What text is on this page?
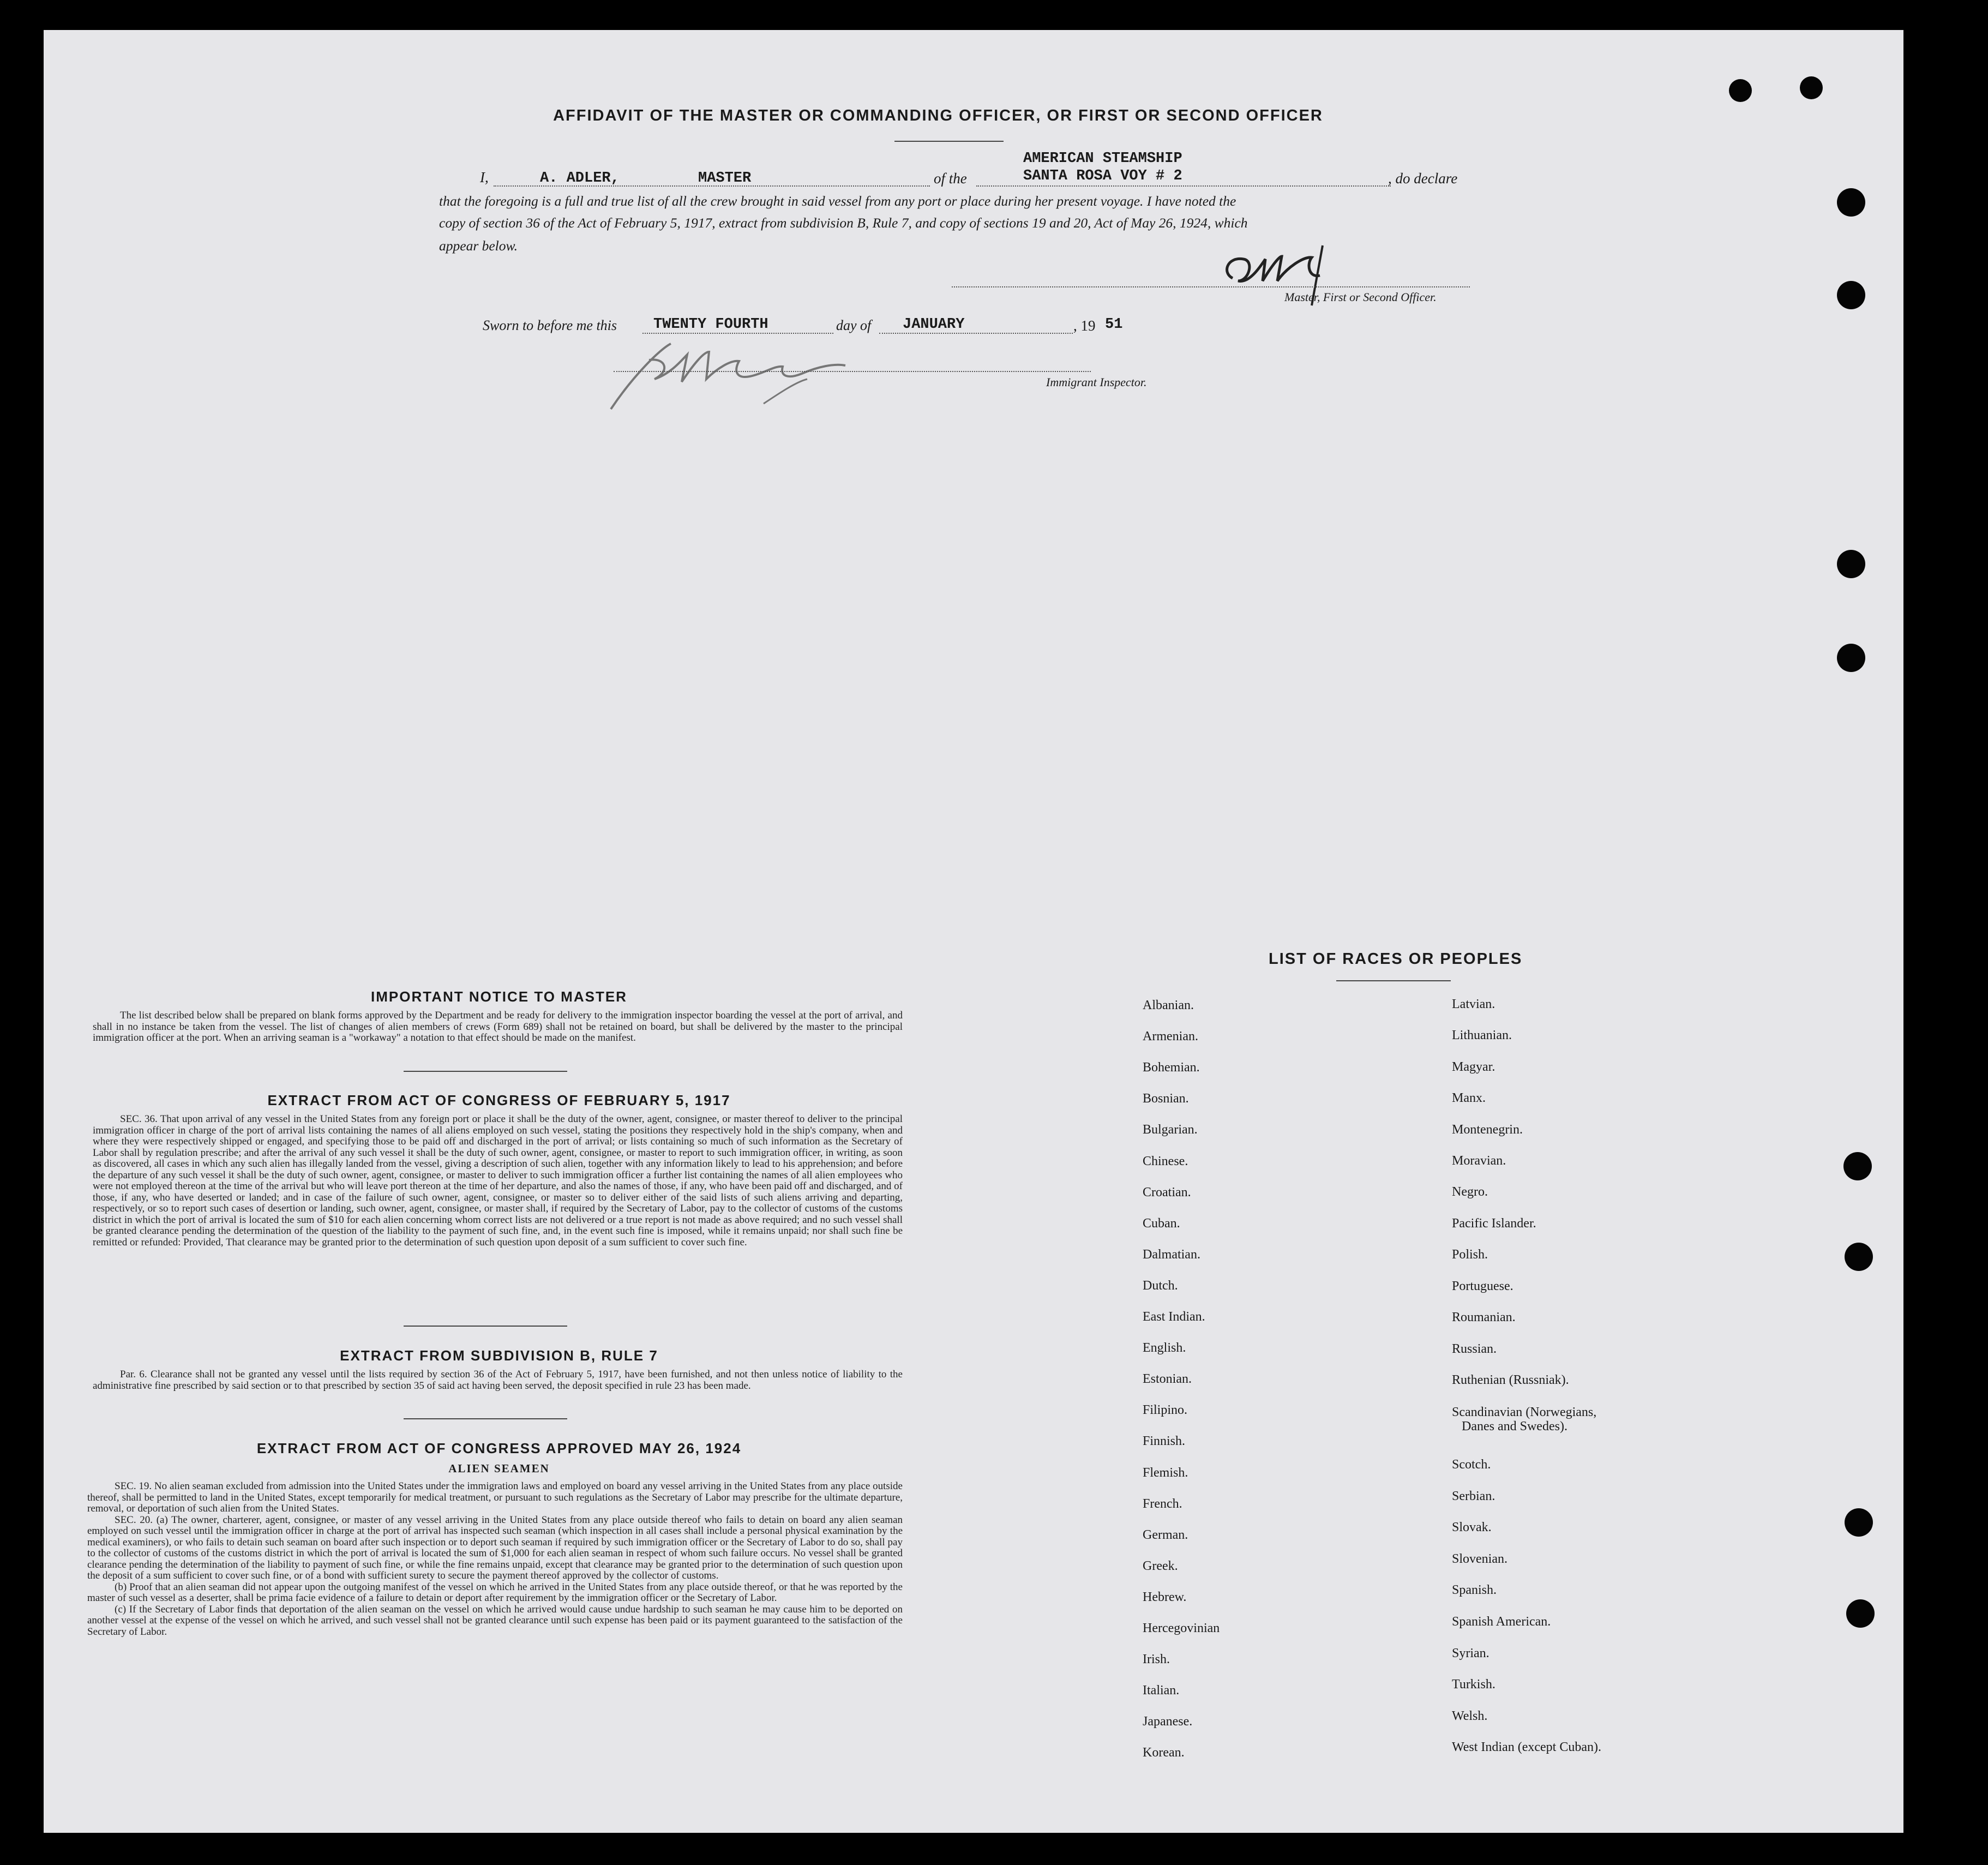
AFFIDAVIT OF THE MASTER OR COMMANDING OFFICER, OR FIRST OR SECOND OFFICER
I,	A. ADLER,	MASTER	of the
AMERICAN STEAMSHIP
SANTA ROSA VOY # 2	, do declare
that the foregoing is a full and true list of all the crew brought in said vessel from any port or place during her present voyage. I have noted the
copy of section 36 of the Act of February 5, 1917, extract from subdivision B, Rule 7, and copy of sections 19 and 20, Act of May 26, 1924, which
appear below.
Master, First or Second Officer.
Sworn to before me this TWENTY FOURTH	day of JANUARY	, 19 51
Immigrant Inspector.
IMPORTANT NOTICE TO MASTER

The list described below shall be prepared on blank forms approved by the Department and be ready for delivery to the immigration inspector boarding the vessel at the port of arrival, and shall in no instance be taken from the vessel. The list of changes of alien members of crews (Form 689) shall not be retained on board, but shall be delivered by the master to the principal immigration officer at the port. When an arriving seaman is a "workaway" a notation to that effect should be made on the manifest.

EXTRACT FROM ACT OF CONGRESS OF FEBRUARY 5, 1917

SEC. 36. That upon arrival of any vessel in the United States from any foreign port or place it shall be the duty of the owner, agent, consignee, or master thereof to deliver to the principal immigration officer in charge of the port of arrival lists containing the names of all aliens employed on such vessel, stating the positions they respectively hold in the ship's company, when and where they were respectively shipped or engaged, and specifying those to be paid off and discharged in the port of arrival; or lists containing so much of such information as the Secretary of Labor shall by regulation prescribe; and after the arrival of any such vessel it shall be the duty of such owner, agent, consignee, or master to report to such immigration officer, in writing, as soon as discovered, all cases in which any such alien has illegally landed from the vessel, giving a description of such alien, together with any information likely to lead to his apprehension; and before the departure of any such vessel it shall be the duty of such owner, agent, consignee, or master to deliver to such immigration officer a further list containing the names of all alien employees who were not employed thereon at the time of the arrival but who will leave port thereon at the time of her departure, and also the names of those, if any, who have been paid off and discharged, and of those, if any, who have deserted or landed; and in case of the failure of such owner, agent, consignee, or master so to deliver either of the said lists of such aliens arriving and departing, respectively, or so to report such cases of desertion or landing, such owner, agent, consignee, or master shall, if required by the Secretary of Labor, pay to the collector of customs of the customs district in which the port of arrival is located the sum of $10 for each alien concerning whom correct lists are not delivered or a true report is not made as above required; and no such vessel shall be granted clearance pending the determination of the question of the liability to the payment of such fine, and, in the event such fine is imposed, while it remains unpaid; nor shall such fine be remitted or refunded: Provided, That clearance may be granted prior to the determination of such question upon deposit of a sum sufficient to cover such fine.

EXTRACT FROM SUBDIVISION B, RULE 7

Par. 6. Clearance shall not be granted any vessel until the lists required by section 36 of the Act of February 5, 1917, have been furnished, and not then unless notice of liability to the administrative fine prescribed by said section or to that prescribed by section 35 of said act having been served, the deposit specified in rule 23 has been made.

EXTRACT FROM ACT OF CONGRESS APPROVED MAY 26, 1924
ALIEN SEAMEN

SEC. 19. No alien seaman excluded from admission into the United States under the immigration laws and employed on board any vessel arriving in the United States from any place outside thereof, shall be permitted to land in the United States, except temporarily for medical treatment, or pursuant to such regulations as the Secretary of Labor may prescribe for the ultimate departure, removal, or deportation of such alien from the United States.

SEC. 20. (a) The owner, charterer, agent, consignee, or master of any vessel arriving in the United States from any place outside thereof who fails to detain on board any alien seaman employed on such vessel until the immigration officer in charge at the port of arrival has inspected such seaman (which inspection in all cases shall include a personal physical examination by the medical examiners), or who fails to detain such seaman on board after such inspection or to deport such seaman if required by such immigration officer or the Secretary of Labor to do so, shall pay to the collector of customs of the customs district in which the port of arrival is located the sum of $1,000 for each alien seaman in respect of whom such failure occurs. No vessel shall be granted clearance pending the determination of the liability to payment of such fine, or while the fine remains unpaid, except that clearance may be granted prior to the determination of such question upon the deposit of a sum sufficient to cover such fine, or of a bond with sufficient surety to secure the payment thereof approved by the collector of customs.

(b) Proof that an alien seaman did not appear upon the outgoing manifest of the vessel on which he arrived in the United States from any place outside thereof, or that he was reported by the master of such vessel as a deserter, shall be prima facie evidence of a failure to detain or deport after requirement by the immigration officer or the Secretary of Labor.

(c) If the Secretary of Labor finds that deportation of the alien seaman on the vessel on which he arrived would cause undue hardship to such seaman he may cause him to be deported on another vessel at the expense of the vessel on which he arrived, and such vessel shall not be granted clearance until such expense has been paid or its payment guaranteed to the satisfaction of the Secretary of Labor.

LIST OF RACES OR PEOPLES
Albanian.
Armenian.
Bohemian.
Bosnian.
Bulgarian.
Chinese.
Croatian.
Cuban.
Dalmatian.
Dutch.
East Indian.
English.
Estonian.
Filipino.
Finnish.
Flemish.
French.
German.
Greek.
Hebrew.
Hercegovinian
Irish.
Italian.
Japanese.
Korean.
Latvian.
Lithuanian.
Magyar.
Manx.
Montenegrin.
Moravian.
Negro.
Pacific Islander.
Polish.
Portuguese.
Roumanian.
Russian.
Ruthenian (Russniak).
Scandinavian (Norwegians,
Danes and Swedes).
Scotch.
Serbian.
Slovak.
Slovenian.
Spanish.
Spanish American.
Syrian.
Turkish.
Welsh.
West Indian (except Cuban).
